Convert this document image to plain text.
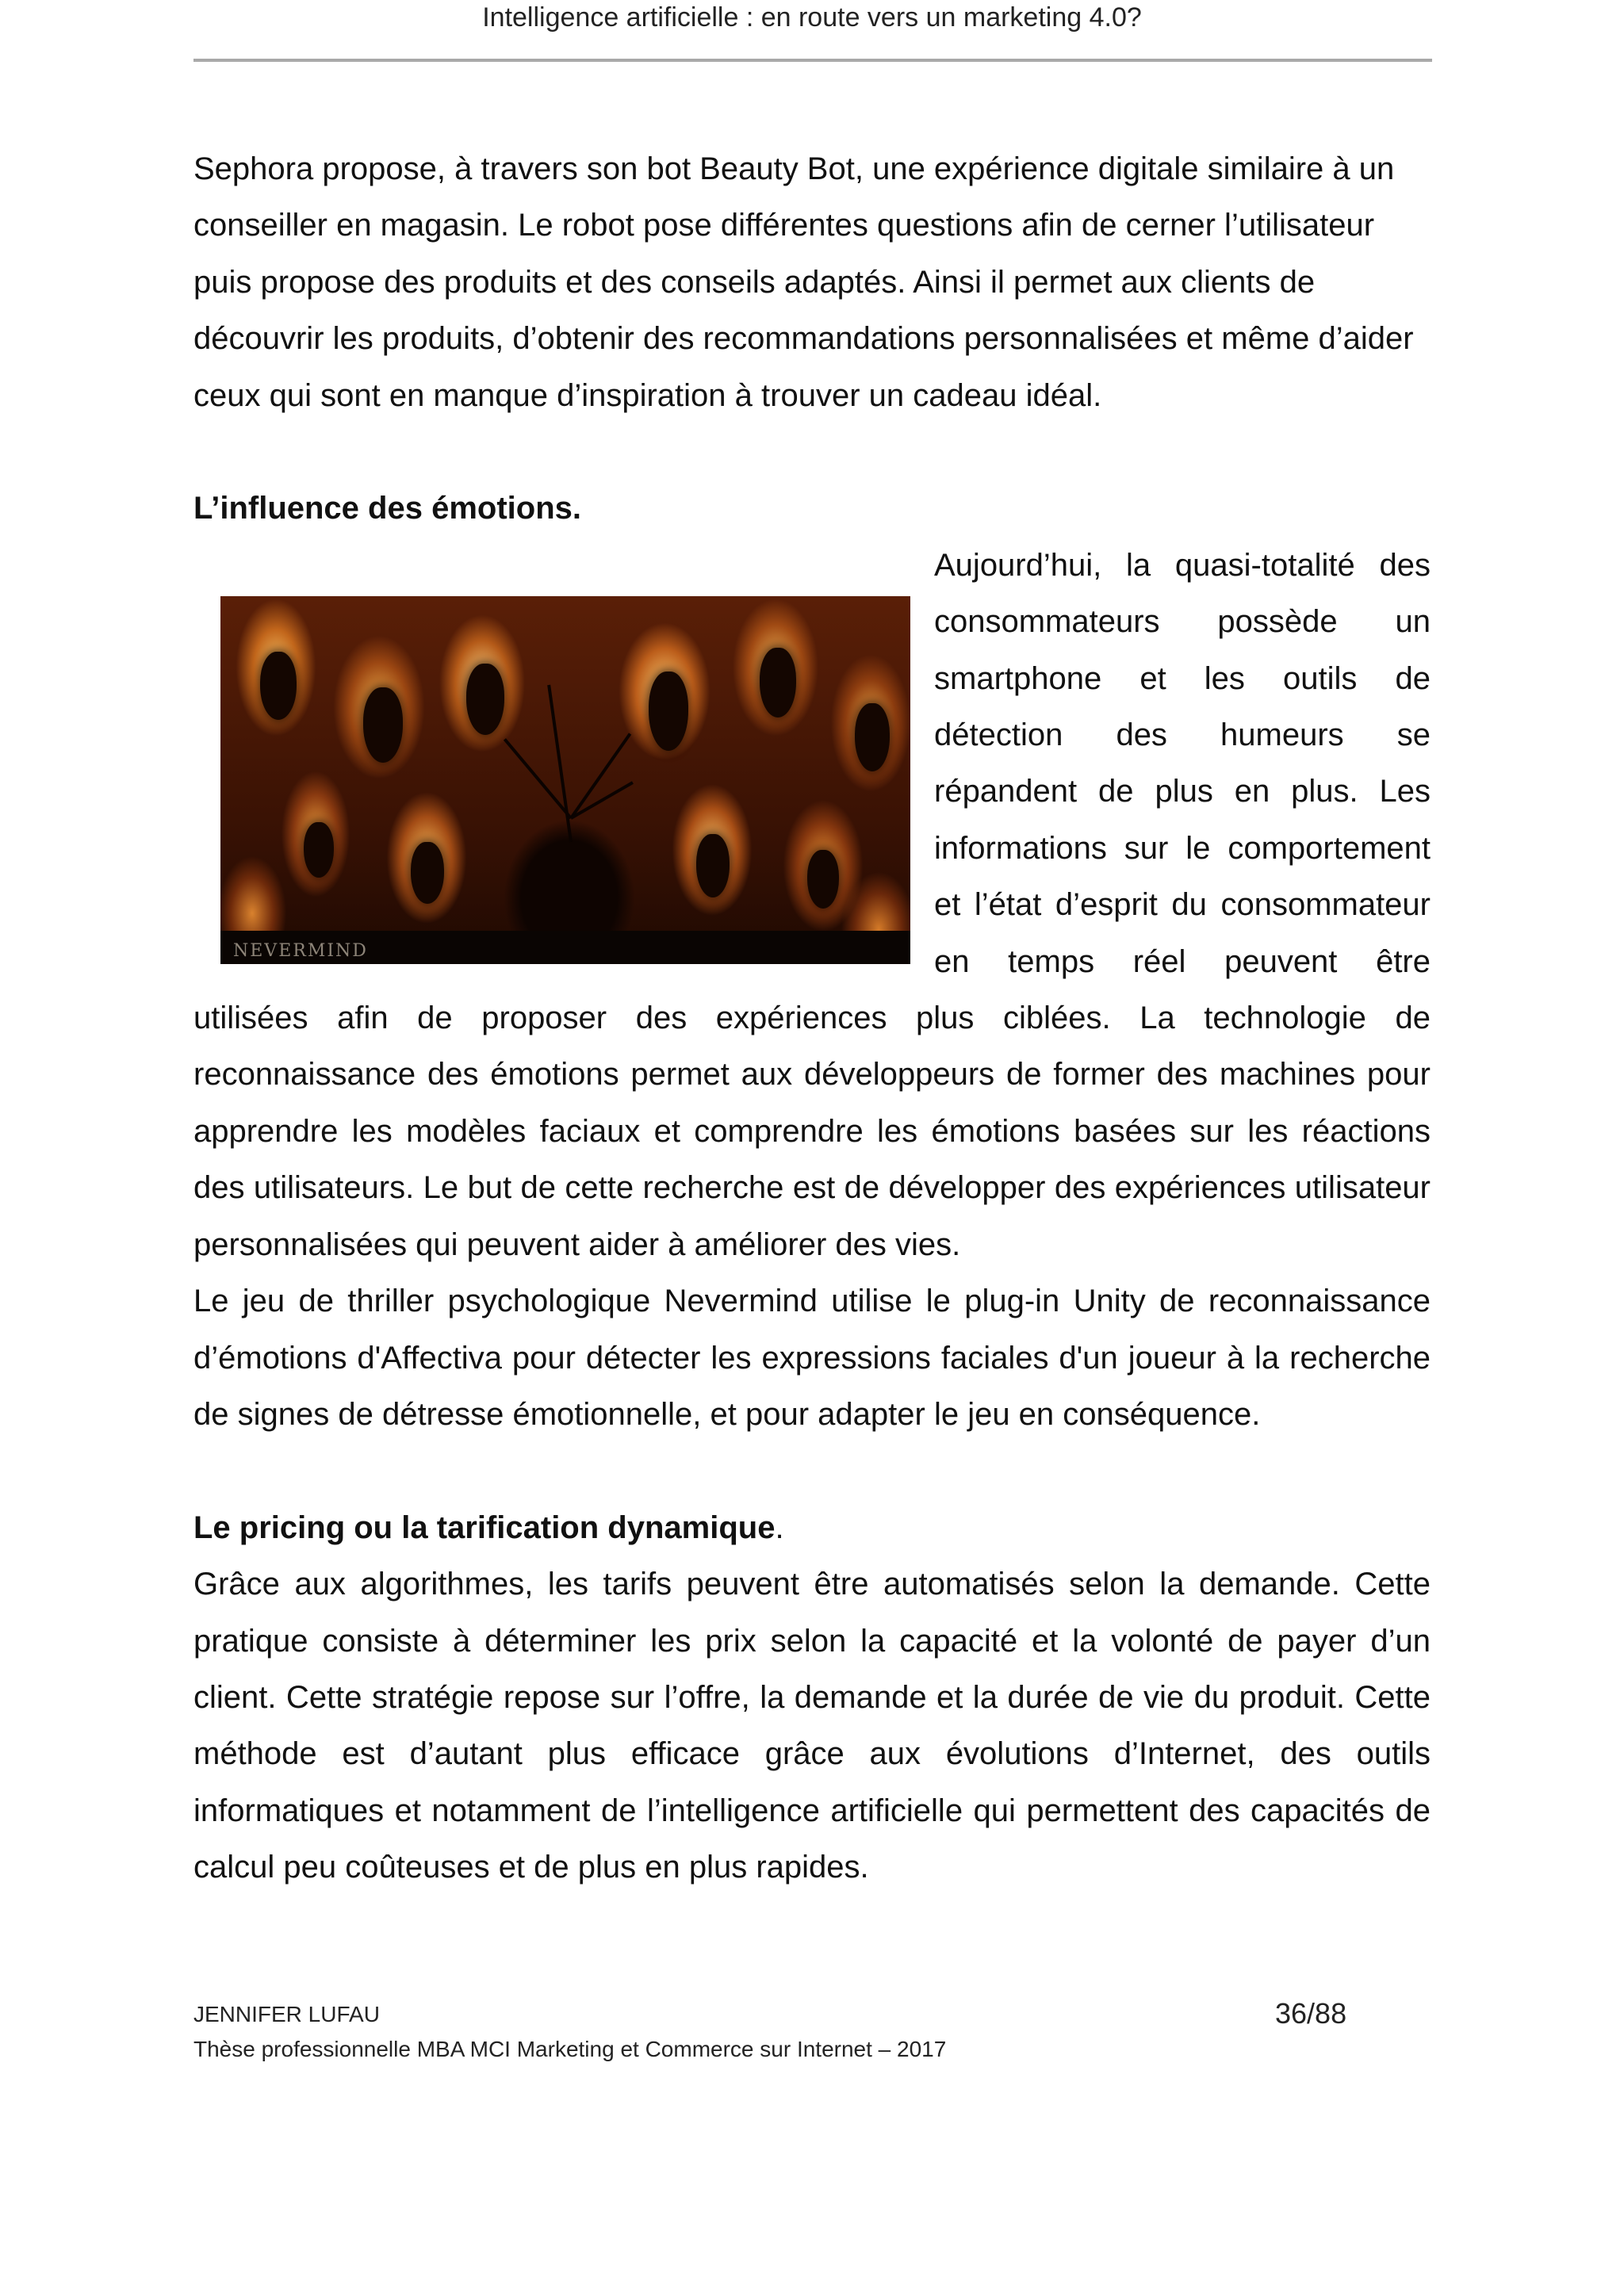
Intelligence artificielle : en route vers un marketing 4.0?

Sephora propose, à travers son bot Beauty Bot, une expérience digitale similaire à un conseiller en magasin. Le robot pose différentes questions afin de cerner l’utilisateur puis propose des produits et des conseils adaptés. Ainsi il permet aux clients de découvrir les produits, d’obtenir des recommandations personnalisées et même d’aider ceux qui sont en manque d’inspiration à trouver un cadeau idéal.

L’influence des émotions.

NEVERMIND

Aujourd’hui, la quasi-totalité des consommateurs possède un smartphone et les outils de détection des humeurs se répandent de plus en plus. Les informations sur le comportement et l’état d’esprit du consommateur en temps réel peuvent être utilisées afin de proposer des expériences plus ciblées. La technologie de reconnaissance des émotions permet aux développeurs de former des machines pour apprendre les modèles faciaux et comprendre les émotions basées sur les réactions des utilisateurs. Le but de cette recherche est de développer des expériences utilisateur personnalisées qui peuvent aider à améliorer des vies.

Le jeu de thriller psychologique Nevermind utilise le plug-in Unity de reconnaissance d’émotions d'Affectiva pour détecter les expressions faciales d'un joueur à la recherche de signes de détresse émotionnelle, et pour adapter le jeu en conséquence.

Le pricing ou la tarification dynamique.

Grâce aux algorithmes, les tarifs peuvent être automatisés selon la demande. Cette pratique consiste à déterminer les prix selon la capacité et la volonté de payer d’un client. Cette stratégie repose sur l’offre, la demande et la durée de vie du produit. Cette méthode est d’autant plus efficace grâce aux évolutions d’Internet, des outils informatiques et notamment de l’intelligence artificielle qui permettent des capacités de calcul peu coûteuses et de plus en plus rapides.

JENNIFER LUFAU	36/88
Thèse professionnelle MBA MCI Marketing et Commerce sur Internet – 2017
